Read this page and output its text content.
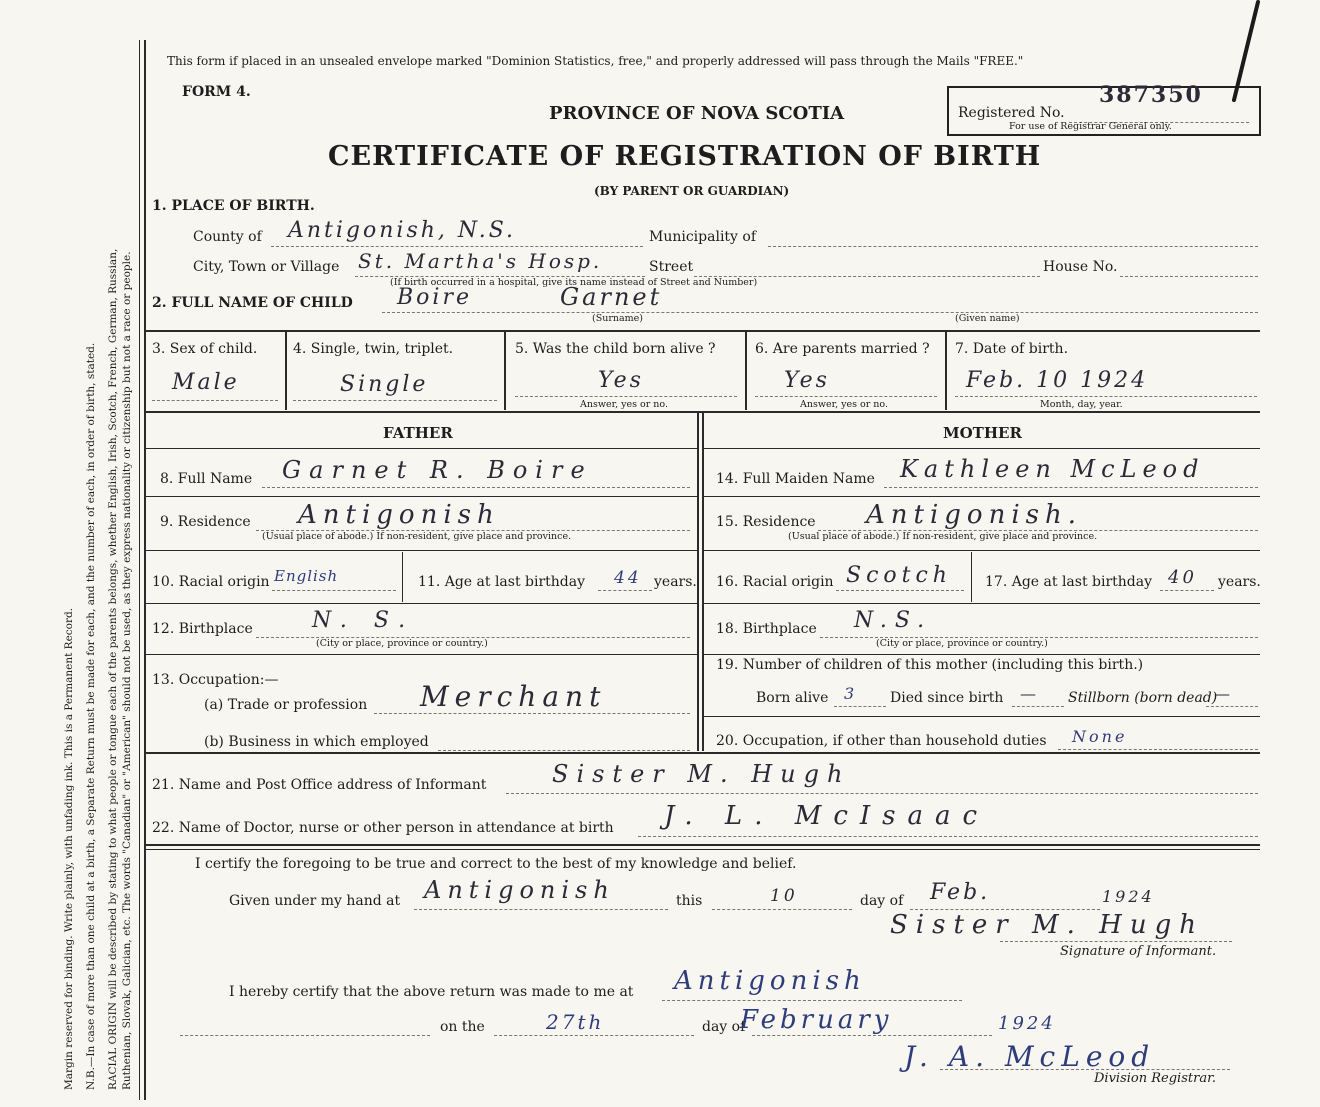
Margin reserved for binding. Write plainly, with unfading ink. This is a Permanent Record. N.B.—In case of more than one child at a birth, a Separate Return must be made for each, and the number of each, in order of birth, stated. RACIAL ORIGIN will be described by stating to what people or tongue each of the parents belongs, whether English, Irish, Scotch, French, German, Russian, Ruthenian, Slovak, Galician, etc. The words "Canadian" or "American" should not be used, as they express nationality or citizenship but not a race or people.
This form if placed in an unsealed envelope marked "Dominion Statistics, free," and properly addressed will pass through the Mails "FREE."
FORM 4.
PROVINCE OF NOVA SCOTIA
CERTIFICATE OF REGISTRATION OF BIRTH
(BY PARENT OR GUARDIAN)
Registered No.
387350
For use of Registrar General only.
1. PLACE OF BIRTH.
County of Antigonish, N.S.	Municipality of
City, Town or Village St. Martha's Hosp.	Street	House No.
(If birth occurred in a hospital, give its name instead of Street and Number)
2. FULL NAME OF CHILD Boire	Garnet
(Surname)	(Given name)
3. Sex of child.
Male
4. Single, twin, triplet.
Single
5. Was the child born alive ?
Yes
Answer, yes or no.
6. Are parents married ?
Yes
Answer, yes or no.
7. Date of birth.
Feb. 10 1924
Month, day, year.
FATHER	MOTHER
8. Full Name Garnet R. Boire
9. Residence Antigonish
(Usual place of abode.) If non-resident, give place and province.
10. Racial origin English	11. Age at last birthday 44 years.
12. Birthplace	N. S.
(City or place, province or country.)
13. Occupation:—
(a) Trade or profession Merchant
(b) Business in which employed
14. Full Maiden Name Kathleen McLeod
15. Residence Antigonish.
(Usual place of abode.) If non-resident, give place and province.
16. Racial origin Scotch 17. Age at last birthday 40 years.
18. Birthplace N.S.
(City or place, province or country.)
19. Number of children of this mother (including this birth.)
Born alive 3 Died since birth — Stillborn (born dead)
—
20. Occupation, if other than household duties None
21. Name and Post Office address of Informant	Sister M. Hugh
22. Name of Doctor, nurse or other person in attendance at birth J. L. McIsaac
I certify the foregoing to be true and correct to the best of my knowledge and belief.
Given under my hand at Antigonish	this	10	day of Feb.	1924
Sister M. Hugh
Signature of Informant.
I hereby certify that the above return was made to me at Antigonish
on the	27th	day of
February	1924
J. A. McLeod
Division Registrar.
